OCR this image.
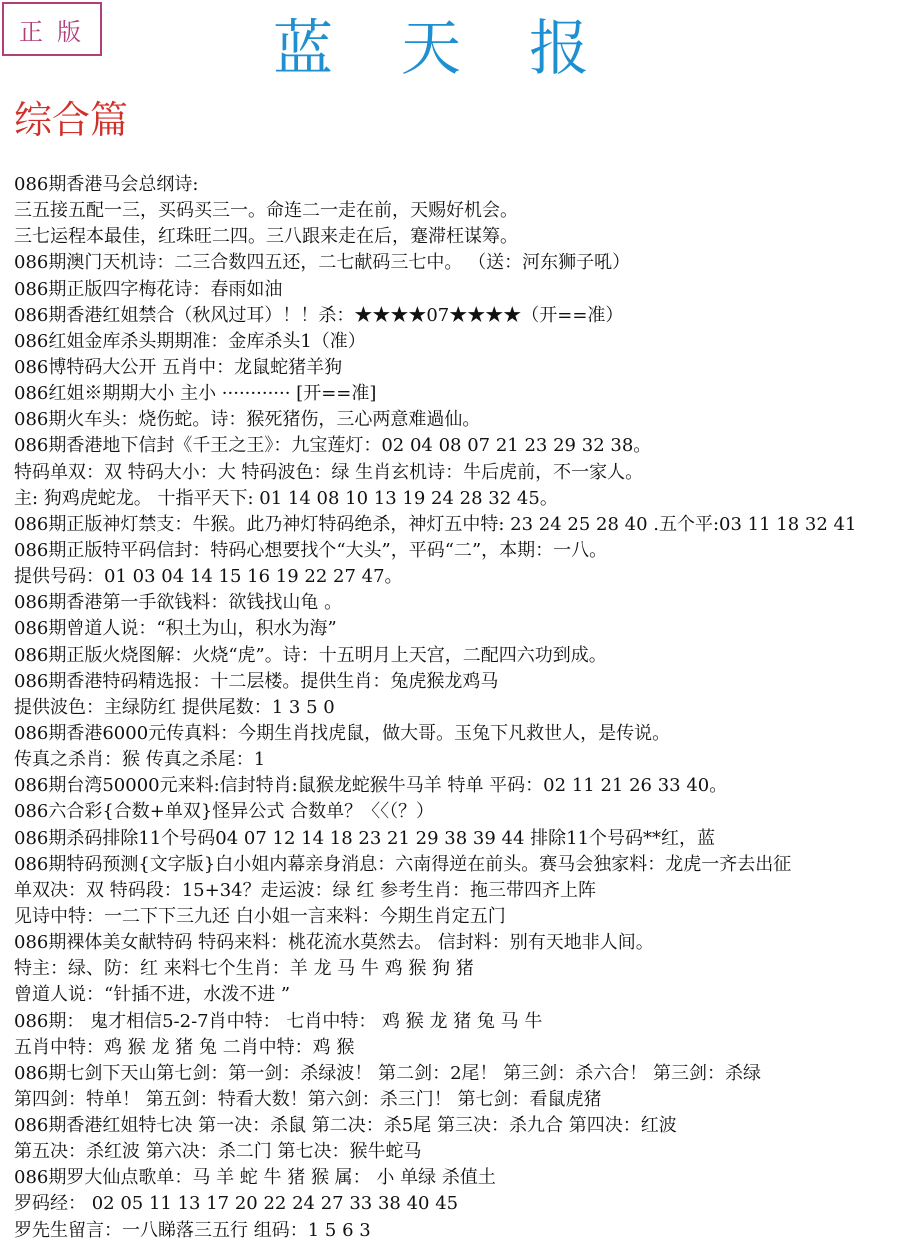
正版	蓝天报
综合篇
086期香港马会总纲诗:
三五接五配一三，买码买三一。命连二一走在前，天赐好机会。
三七运程本最佳，红珠旺二四。三八跟来走在后，蹇滞枉谋筹。
086期澳门天机诗：二三合数四五还，二七献码三七中。 （送：河东狮子吼）
086期正版四字梅花诗：春雨如油
086期香港红姐禁合（秋风过耳）！！杀：★★★★07★★★★（开==准）
086红姐金库杀头期期准：金库杀头1（准）
086博特码大公开 五肖中：龙鼠蛇猪羊狗
086红姐※期期大小 主小 ············ [开==准]
086期火车头：烧伤蛇。诗：猴死猪伤，三心两意难過仙。
086期香港地下信封《千王之王》：九宝莲灯：02 04 08 07 21 23 29 32 38。
特码单双：双 特码大小：大 特码波色：绿 生肖玄机诗：牛后虎前，不一家人。
主: 狗鸡虎蛇龙。 十指平天下: 01 14 08 10 13 19 24 28 32 45。
086期正版神灯禁支：牛猴。此乃神灯特码绝杀，神灯五中特: 23 24 25 28 40 .五个平:03 11 18 32 41
086期正版特平码信封：特码心想要找个“大头”，平码“二”，本期：一八。
提供号码：01 03 04 14 15 16 19 22 27 47。
086期香港第一手欲钱料：欲钱找山龟 。
086期曾道人说：“积土为山，积水为海”
086期正版火烧图解：火烧“虎”。诗：十五明月上天宫，二配四六功到成。
086期香港特码精选报：十二层楼。提供生肖：兔虎猴龙鸡马
提供波色：主绿防红 提供尾数：1 3 5 0
086期香港6000元传真料：今期生肖找虎鼠，做大哥。玉兔下凡救世人，是传说。
传真之杀肖：猴 传真之杀尾：1
086期台湾50000元来料:信封特肖:鼠猴龙蛇猴牛马羊 特单 平码：02 11 21 26 33 40。
086六合彩{合数+单双}怪异公式 合数单？〈〈（？）
086期杀码排除11个号码04 07 12 14 18 23 21 29 38 39 44 排除11个号码**红，蓝
086期特码预测{文字版}白小姐内幕亲身消息：六南得逆在前头。赛马会独家料：龙虎一齐去出征
单双决：双 特码段：15+34？走运波：绿 红 参考生肖：拖三带四齐上阵
见诗中特：一二下下三九还 白小姐一言来料：今期生肖定五门
086期裸体美女献特码 特码来料：桃花流水莫然去。 信封料：别有天地非人间。
特主：绿、防：红 来料七个生肖：羊 龙 马 牛 鸡 猴 狗 猪
曾道人说：“针插不进，水泼不进 ”
086期： 鬼才相信5-2-7肖中特： 七肖中特： 鸡 猴 龙 猪 兔 马 牛
五肖中特：鸡 猴 龙 猪 兔 二肖中特：鸡 猴
086期七剑下天山第七剑：第一剑：杀绿波！ 第二剑：2尾！ 第三剑：杀六合！ 第三剑：杀绿
第四剑：特单！ 第五剑：特看大数！第六剑：杀三门！ 第七剑：看鼠虎猪
086期香港红姐特七决 第一决：杀鼠 第二决：杀5尾 第三决：杀九合 第四决：红波
第五决：杀红波 第六决：杀二门 第七决：猴牛蛇马
086期罗大仙点歌单：马 羊 蛇 牛 猪 猴 属： 小 单绿 杀值土
罗码经： 02 05 11 13 17 20 22 24 27 33 38 40 45
罗先生留言：一八睇落三五行 组码：1 5 6 3
